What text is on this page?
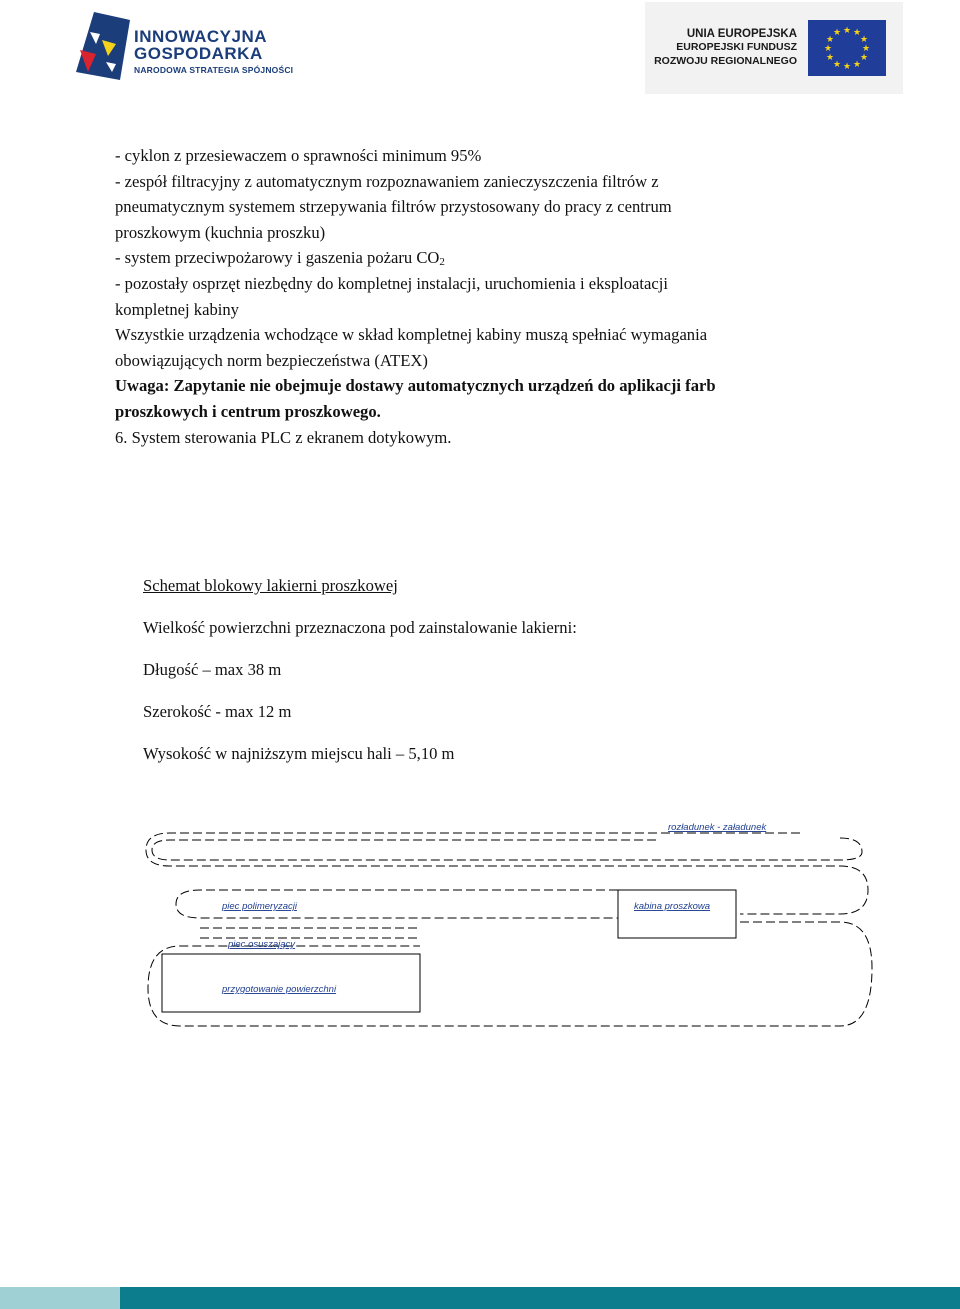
INNOWACYJNA
GOSPODARKA
NARODOWA STRATEGIA SPÓJNOŚCI
UNIA EUROPEJSKA
EUROPEJSKI FUNDUSZ
ROZWOJU REGIONALNEGO
★ ★
★
★
★
★
★
★
★
★
★
★

- cyklon z przesiewaczem o sprawności minimum 95%

- zespół filtracyjny z automatycznym rozpoznawaniem zanieczyszczenia filtrów z

pneumatycznym systemem strzepywania filtrów przystosowany do pracy z centrum

proszkowym (kuchnia proszku)

- system przeciwpożarowy i gaszenia pożaru $CO_2$

- pozostały osprzęt niezbędny do kompletnej instalacji, uruchomienia i eksploatacji

kompletnej kabiny

Wszystkie urządzenia wchodzące w skład kompletnej kabiny muszą spełniać wymagania

obowiązujących norm bezpieczeństwa (ATEX)

Uwaga: Zapytanie nie obejmuje dostawy automatycznych urządzeń do aplikacji farb

proszkowych i centrum proszkowego.

6. System sterowania PLC z ekranem dotykowym.

Schemat blokowy lakierni proszkowej

Wielkość powierzchni przeznaczona pod zainstalowanie lakierni:

Długość – max 38 m

Szerokość - max 12 m

Wysokość w najniższym miejscu hali – 5,10 m

rozładunek - załadunek
piec polimeryzacji	kabina proszkowa
piec osuszający
przygotowanie powierzchni
